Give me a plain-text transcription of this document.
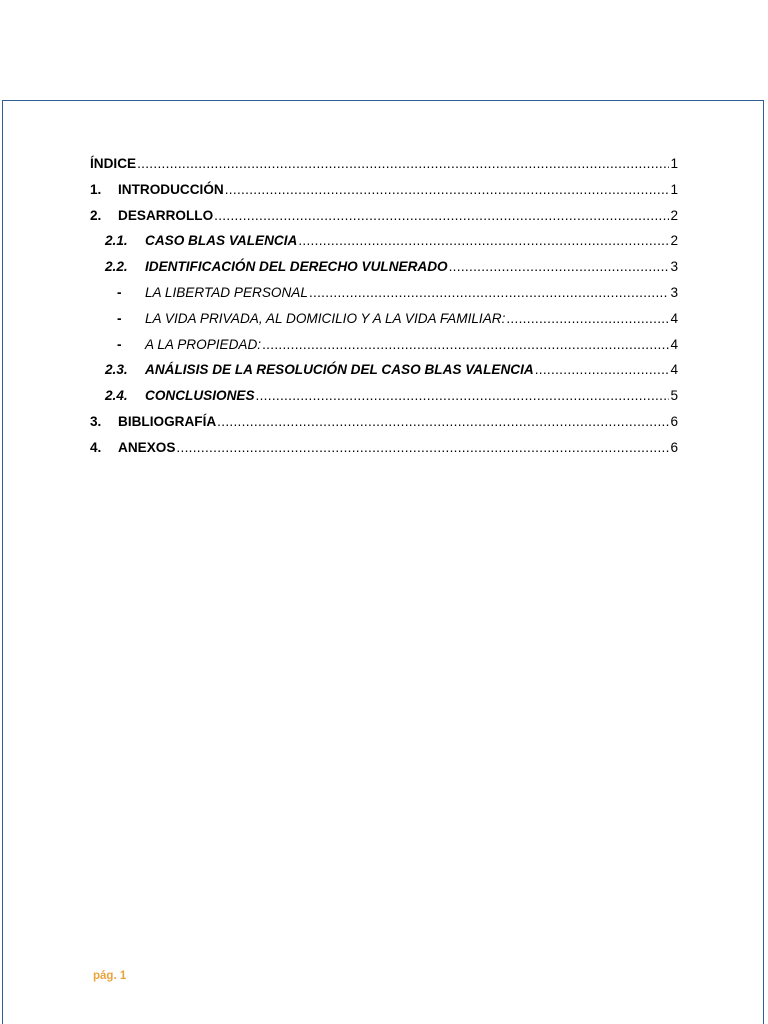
ÍNDICE .....	1
1.	INTRODUCCIÓN .....	1
2.	DESARROLLO .....	2
2.1.	CASO BLAS VALENCIA .....	2
2.2.	IDENTIFICACIÓN DEL DERECHO VULNERADO .....	3
-	LA LIBERTAD PERSONAL .....	3
-	LA VIDA PRIVADA, AL DOMICILIO Y A LA VIDA FAMILIAR: .....	4
-	A LA PROPIEDAD: .....	4
2.3.	ANÁLISIS DE LA RESOLUCIÓN DEL CASO BLAS VALENCIA .....	4
2.4.	CONCLUSIONES .....	5
3.	BIBLIOGRAFÍA .....	6
4.	ANEXOS .....	6
pág. 1
